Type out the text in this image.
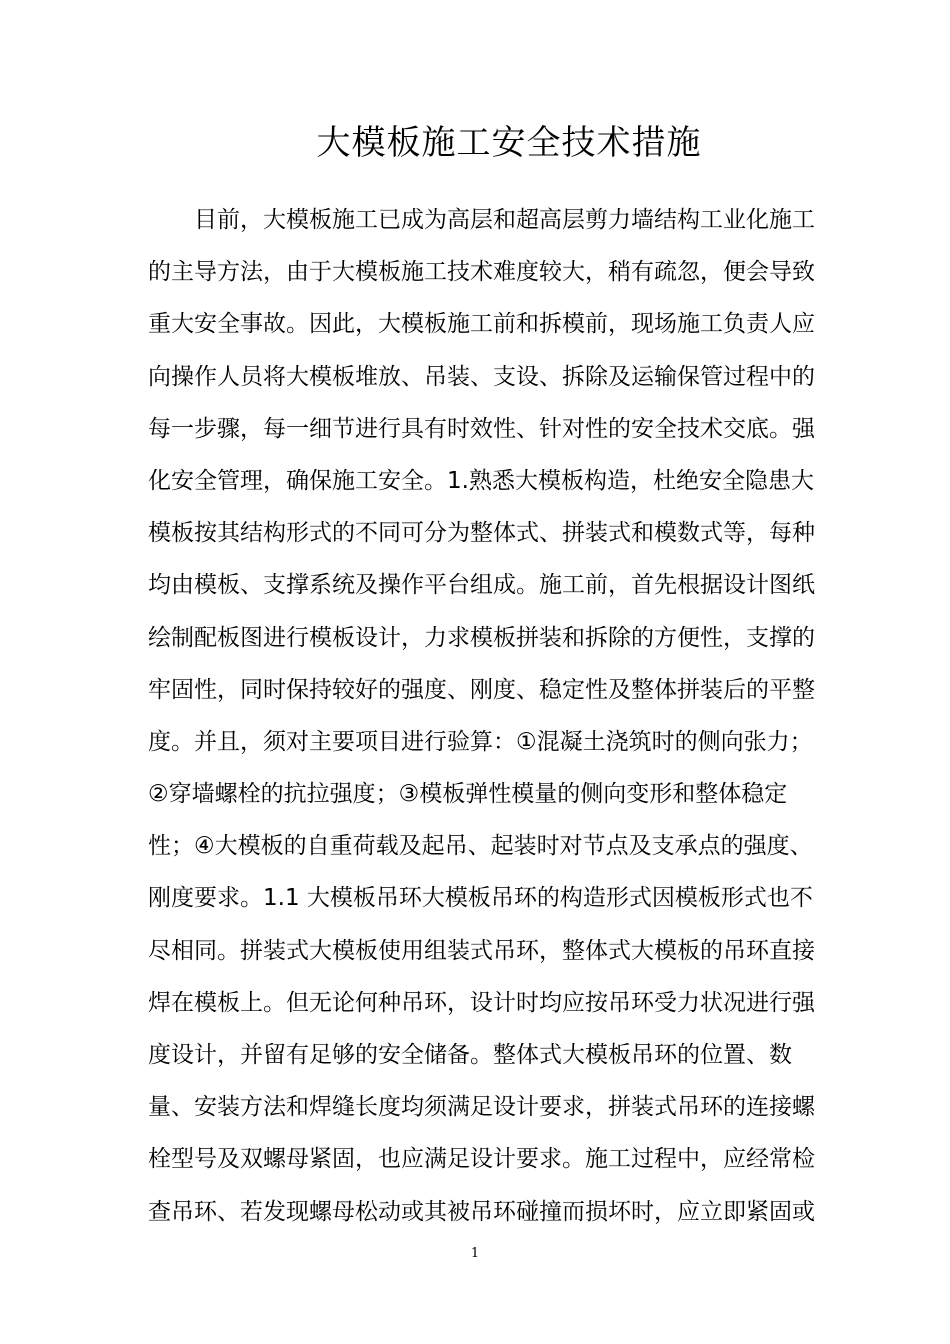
大模板施工安全技术措施
目前，大模板施工已成为高层和超高层剪力墙结构工业化施工
的主导方法，由于大模板施工技术难度较大，稍有疏忽，便会导致
重大安全事故。因此，大模板施工前和拆模前，现场施工负责人应
向操作人员将大模板堆放、吊装、支设、拆除及运输保管过程中的
每一步骤，每一细节进行具有时效性、针对性的安全技术交底。强
化安全管理，确保施工安全。1.熟悉大模板构造，杜绝安全隐患大
模板按其结构形式的不同可分为整体式、拼装式和模数式等，每种
均由模板、支撑系统及操作平台组成。施工前，首先根据设计图纸
绘制配板图进行模板设计，力求模板拼装和拆除的方便性，支撑的
牢固性，同时保持较好的强度、刚度、稳定性及整体拼装后的平整
度。并且，须对主要项目进行验算：①混凝土浇筑时的侧向张力；
②穿墙螺栓的抗拉强度；③模板弹性模量的侧向变形和整体稳定
性；④大模板的自重荷载及起吊、起装时对节点及支承点的强度、
刚度要求。1.1 大模板吊环大模板吊环的构造形式因模板形式也不
尽相同。拼装式大模板使用组装式吊环，整体式大模板的吊环直接
焊在模板上。但无论何种吊环，设计时均应按吊环受力状况进行强
度设计，并留有足够的安全储备。整体式大模板吊环的位置、数
量、安装方法和焊缝长度均须满足设计要求，拼装式吊环的连接螺
栓型号及双螺母紧固，也应满足设计要求。施工过程中，应经常检
查吊环、若发现螺母松动或其被吊环碰撞而损坏时，应立即紧固或
1
